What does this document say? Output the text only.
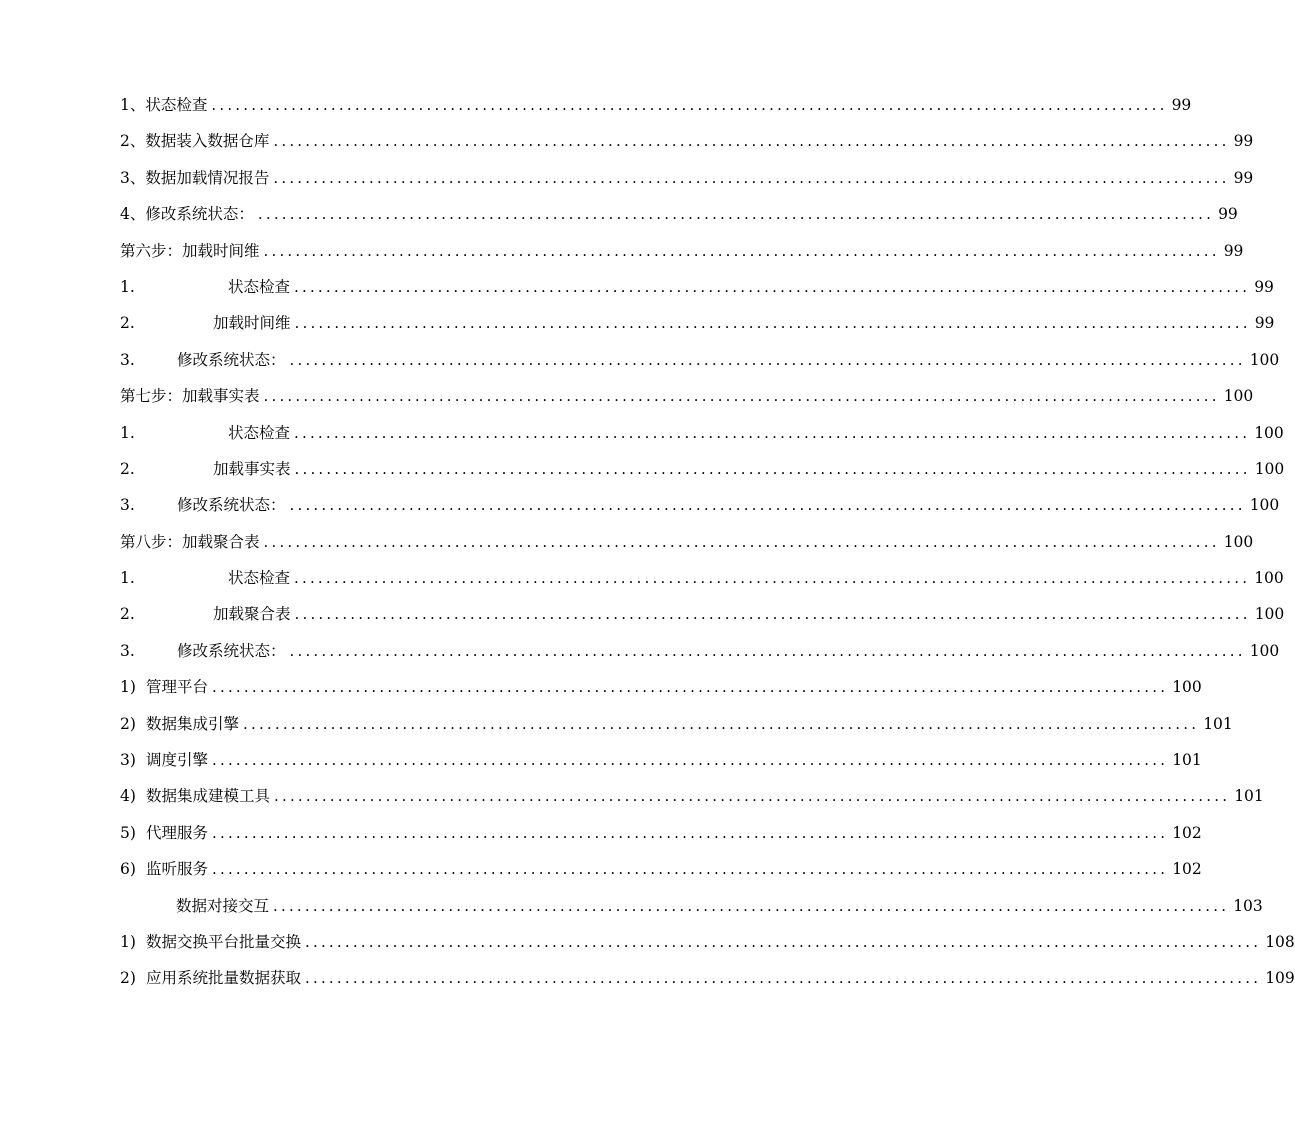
1、 状态检查 ........................................................................................................................ 99
2、 数据装入数据仓库 ........................................................................................................................ 99
3、 数据加载情况报告 ........................................................................................................................ 99
4、 修改系统状态： ........................................................................................................................ 99
第六步：加载时间维 ........................................................................................................................ 99
1.	状态检查 ........................................................................................................................ 99
2.	加载时间维 ........................................................................................................................ 99
3.	修改系统状态： ........................................................................................................................ 100
第七步：加载事实表 ........................................................................................................................ 100
1.	状态检查 ........................................................................................................................ 100
2.	加载事实表 ........................................................................................................................ 100
3.	修改系统状态： ........................................................................................................................ 100
第八步：加载聚合表 ........................................................................................................................ 100
1.	状态检查 ........................................................................................................................ 100
2.	加载聚合表 ........................................................................................................................ 100
3.	修改系统状态： ........................................................................................................................ 100
1) 管理平台 ........................................................................................................................ 100
2) 数据集成引擎 ........................................................................................................................ 101
3) 调度引擎 ........................................................................................................................ 101
4) 数据集成建模工具 ........................................................................................................................ 101
5) 代理服务 ........................................................................................................................ 102
6) 监听服务 ........................................................................................................................ 102
数据对接交互 ........................................................................................................................ 103
1) 数据交换平台批量交换 ........................................................................................................................ 108
2) 应用系统批量数据获取 ........................................................................................................................ 109
